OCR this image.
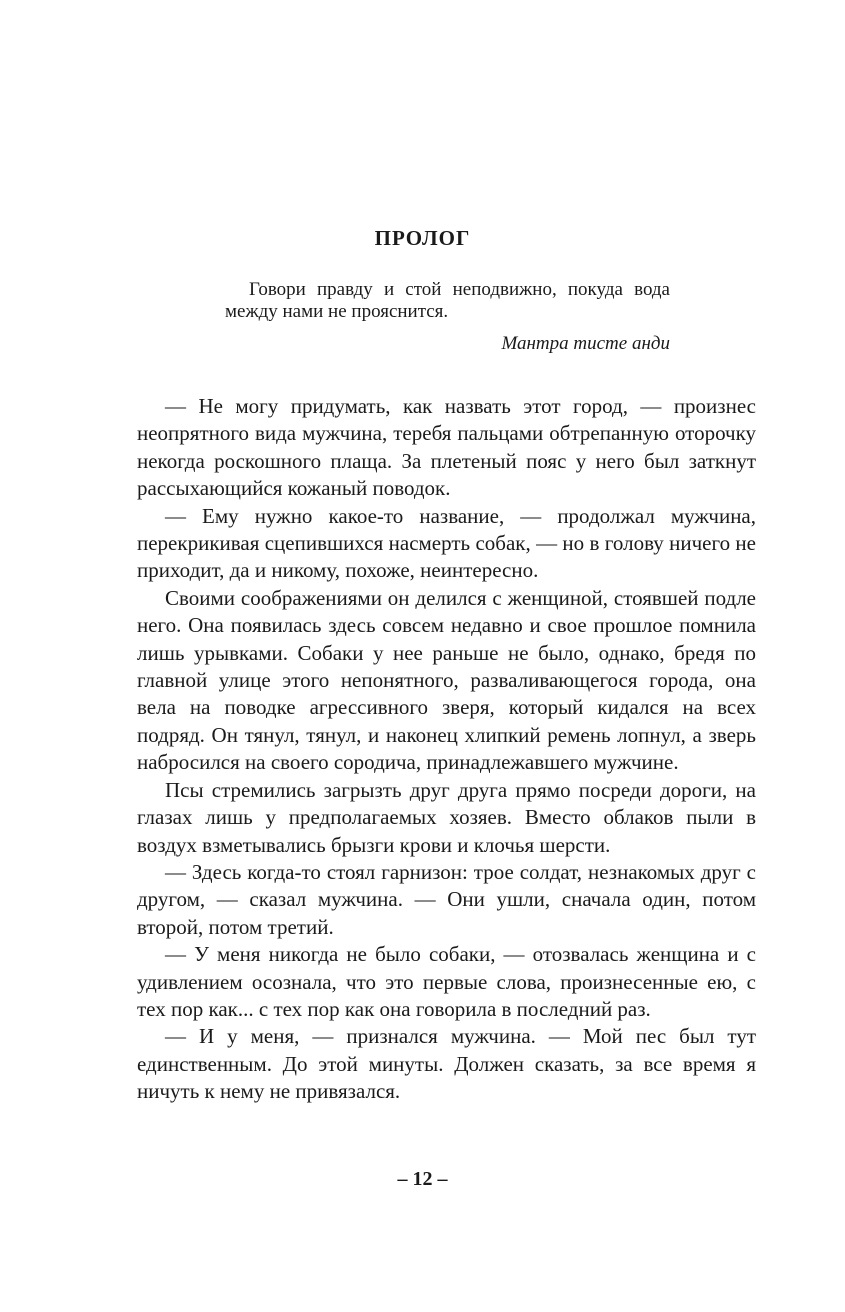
ПРОЛОГ

Говори правду и стой неподвижно, покуда вода между нами не прояснится.

Мантра тисте анди

— Не могу придумать, как назвать этот город, — произнес неопрятного вида мужчина, теребя пальцами обтрепанную оторочку некогда роскошного плаща. За плетеный пояс у него был заткнут рассыхающийся кожаный поводок.

— Ему нужно какое-то название, — продолжал мужчина, перекрикивая сцепившихся насмерть собак, — но в голову ничего не приходит, да и никому, похоже, неинтересно.

Своими соображениями он делился с женщиной, стоявшей подле него. Она появилась здесь совсем недавно и свое прошлое помнила лишь урывками. Собаки у нее раньше не было, однако, бредя по главной улице этого непонятного, разваливающегося города, она вела на поводке агрессивного зверя, который кидался на всех подряд. Он тянул, тянул, и наконец хлипкий ремень лопнул, а зверь набросился на своего сородича, принадлежавшего мужчине.

Псы стремились загрызть друг друга прямо посреди дороги, на глазах лишь у предполагаемых хозяев. Вместо облаков пыли в воздух взметывались брызги крови и клочья шерсти.

— Здесь когда-то стоял гарнизон: трое солдат, незнакомых друг с другом, — сказал мужчина. — Они ушли, сначала один, потом второй, потом третий.

— У меня никогда не было собаки, — отозвалась женщина и с удивлением осознала, что это первые слова, произнесенные ею, с тех пор как... с тех пор как она говорила в последний раз.

— И у меня, — признался мужчина. — Мой пес был тут единственным. До этой минуты. Должен сказать, за все время я ничуть к нему не привязался.

– 12 –
